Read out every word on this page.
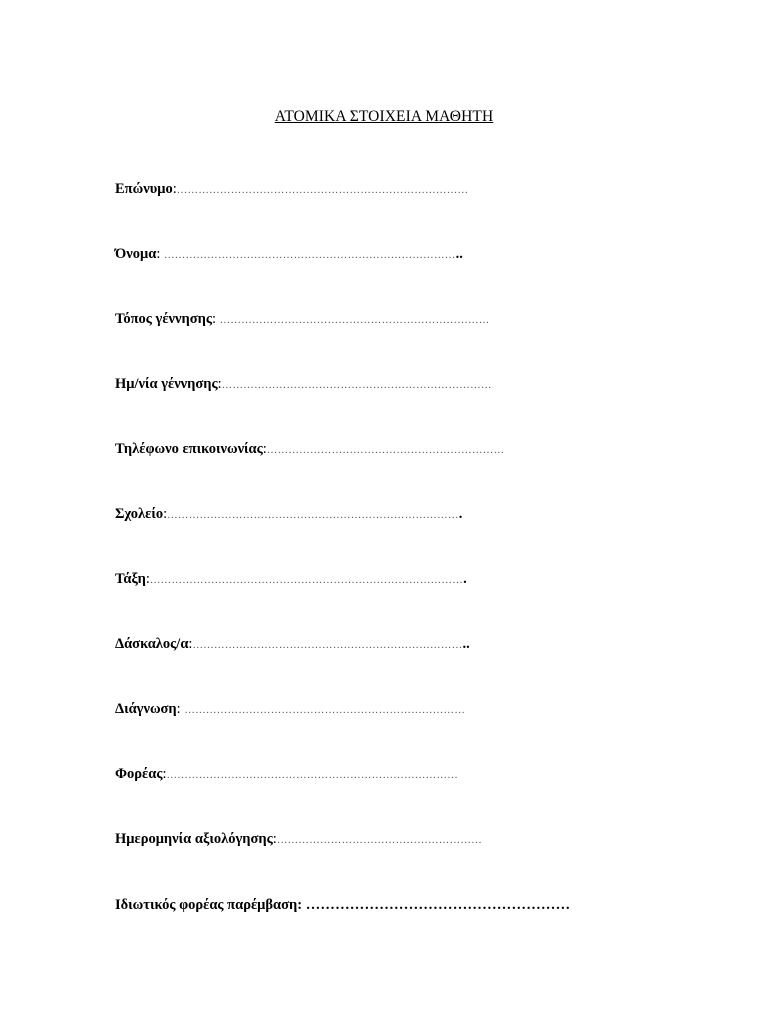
ΑΤΟΜΙΚΑ ΣΤΟΙΧΕΙΑ ΜΑΘΗΤΗ
Επώνυμο:………………………………………………………………………
Όνομα: ………………………………………………………………………..
Τόπος γέννησης: …………………………………………………………………
Ημ/νία γέννησης:…………………………………………………………………
Τηλέφωνο επικοινωνίας:…………………………………………………………
Σχολείο:……………………………………………………………………….
Τάξη:…………………………………………………………………………….
Δάσκαλος/α:…………………………………………………………………..
Διάγνωση: ……………………………………………………………………
Φορέας:………………………………………………………………………
Ημερομηνία αξιολόγησης:…………………………………………………
Ιδιωτικός φορέας παρέμβαση: ………………………………………………
